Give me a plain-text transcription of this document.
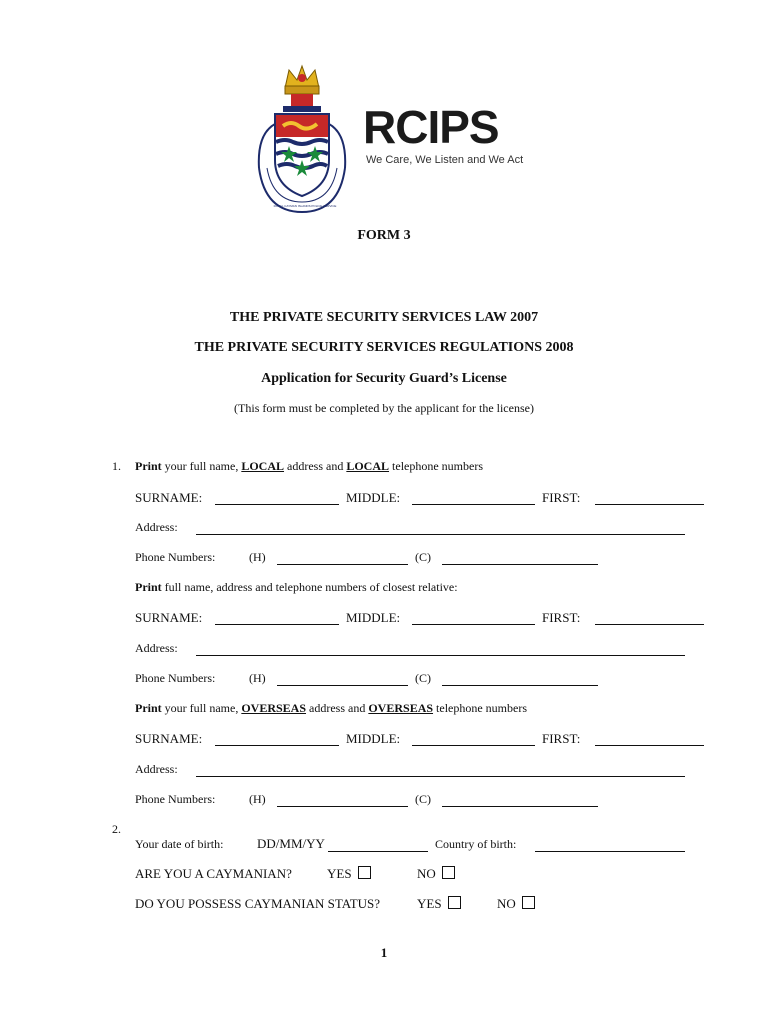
ROYAL CAYMAN ISLANDS POLICE SERVICE
RCIPS
We Care, We Listen and We Act
FORM 3
THE PRIVATE SECURITY SERVICES LAW 2007
THE PRIVATE SECURITY SERVICES REGULATIONS 2008
Application for Security Guard’s License
(This form must be completed by the applicant for the license)
1. Print your full name, LOCAL address and LOCAL telephone numbers
SURNAME:	MIDDLE:	FIRST:
Address:
Phone Numbers:	(H)	(C)
Print full name, address and telephone numbers of closest relative:
SURNAME:	MIDDLE:	FIRST:
Address:
Phone Numbers:	(H)	(C)
Print your full name, OVERSEAS address and OVERSEAS telephone numbers
SURNAME:	MIDDLE:	FIRST:
Address:
Phone Numbers:	(H)	(C)
2.
Your date of birth:	DD/MM/YY	Country of birth:
ARE YOU A CAYMANIAN?	YES	NO
DO YOU POSSESS CAYMANIAN STATUS?	YES	NO
1
